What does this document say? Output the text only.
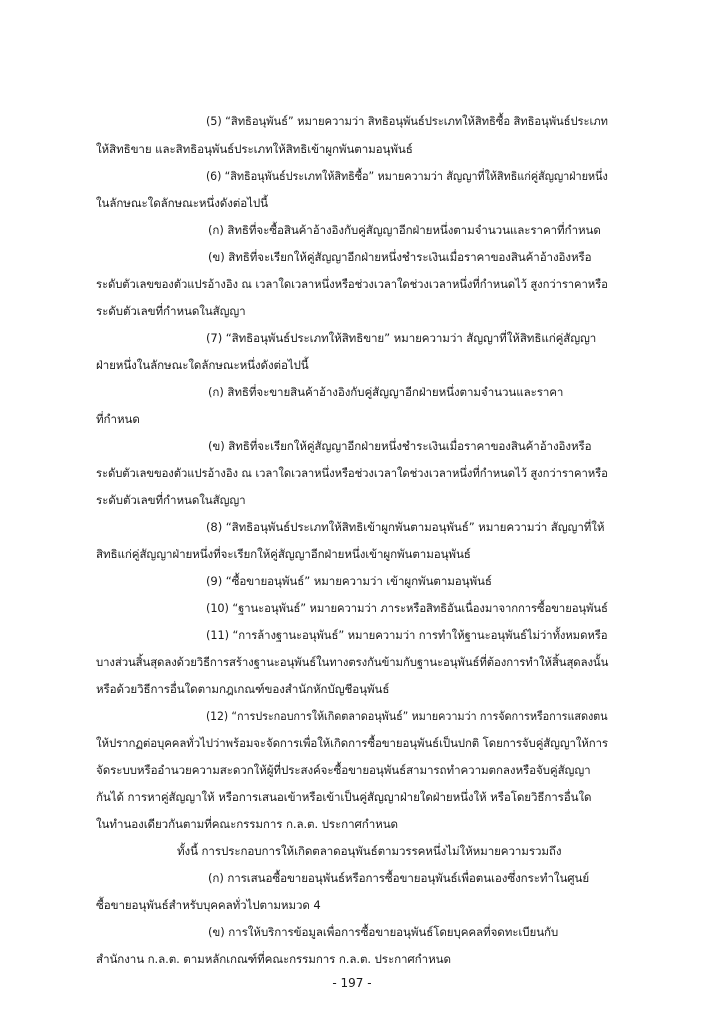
(5) “สิทธิอนุพันธ์” หมายความว่า สิทธิอนุพันธ์ประเภทให้สิทธิซื้อ สิทธิอนุพันธ์ประเภท
ให้สิทธิขาย และสิทธิอนุพันธ์ประเภทให้สิทธิเข้าผูกพันตามอนุพันธ์
(6) “สิทธิอนุพันธ์ประเภทให้สิทธิซื้อ” หมายความว่า สัญญาที่ให้สิทธิแก่คู่สัญญาฝ่ายหนึ่ง
ในลักษณะใดลักษณะหนึ่งดังต่อไปนี้
(ก) สิทธิที่จะซื้อสินค้าอ้างอิงกับคู่สัญญาอีกฝ่ายหนึ่งตามจำนวนและราคาที่กำหนด
(ข) สิทธิที่จะเรียกให้คู่สัญญาอีกฝ่ายหนึ่งชำระเงินเมื่อราคาของสินค้าอ้างอิงหรือ
ระดับตัวเลขของตัวแปรอ้างอิง ณ เวลาใดเวลาหนึ่งหรือช่วงเวลาใดช่วงเวลาหนึ่งที่กำหนดไว้ สูงกว่าราคาหรือ
ระดับตัวเลขที่กำหนดในสัญญา
(7) “สิทธิอนุพันธ์ประเภทให้สิทธิขาย” หมายความว่า สัญญาที่ให้สิทธิแก่คู่สัญญา
ฝ่ายหนึ่งในลักษณะใดลักษณะหนึ่งดังต่อไปนี้
(ก) สิทธิที่จะขายสินค้าอ้างอิงกับคู่สัญญาอีกฝ่ายหนึ่งตามจำนวนและราคา
ที่กำหนด
(ข) สิทธิที่จะเรียกให้คู่สัญญาอีกฝ่ายหนึ่งชำระเงินเมื่อราคาของสินค้าอ้างอิงหรือ
ระดับตัวเลขของตัวแปรอ้างอิง ณ เวลาใดเวลาหนึ่งหรือช่วงเวลาใดช่วงเวลาหนึ่งที่กำหนดไว้ สูงกว่าราคาหรือ
ระดับตัวเลขที่กำหนดในสัญญา
(8) “สิทธิอนุพันธ์ประเภทให้สิทธิเข้าผูกพันตามอนุพันธ์” หมายความว่า สัญญาที่ให้
สิทธิแก่คู่สัญญาฝ่ายหนึ่งที่จะเรียกให้คู่สัญญาอีกฝ่ายหนึ่งเข้าผูกพันตามอนุพันธ์
(9) “ซื้อขายอนุพันธ์” หมายความว่า เข้าผูกพันตามอนุพันธ์
(10) “ฐานะอนุพันธ์” หมายความว่า ภาระหรือสิทธิอันเนื่องมาจากการซื้อขายอนุพันธ์
(11) “การล้างฐานะอนุพันธ์” หมายความว่า การทำให้ฐานะอนุพันธ์ไม่ว่าทั้งหมดหรือ
บางส่วนสิ้นสุดลงด้วยวิธีการสร้างฐานะอนุพันธ์ในทางตรงกันข้ามกับฐานะอนุพันธ์ที่ต้องการทำให้สิ้นสุดลงนั้น
หรือด้วยวิธีการอื่นใดตามกฎเกณฑ์ของสำนักหักบัญชีอนุพันธ์
(12) “การประกอบการให้เกิดตลาดอนุพันธ์” หมายความว่า การจัดการหรือการแสดงตน
ให้ปรากฏต่อบุคคลทั่วไปว่าพร้อมจะจัดการเพื่อให้เกิดการซื้อขายอนุพันธ์เป็นปกติ โดยการจับคู่สัญญาให้การ
จัดระบบหรืออำนวยความสะดวกให้ผู้ที่ประสงค์จะซื้อขายอนุพันธ์สามารถทำความตกลงหรือจับคู่สัญญา
กันได้ การหาคู่สัญญาให้ หรือการเสนอเข้าหรือเข้าเป็นคู่สัญญาฝ่ายใดฝ่ายหนึ่งให้ หรือโดยวิธีการอื่นใด
ในทำนองเดียวกันตามที่คณะกรรมการ ก.ล.ต. ประกาศกำหนด
ทั้งนี้ การประกอบการให้เกิดตลาดอนุพันธ์ตามวรรคหนึ่งไม่ให้หมายความรวมถึง
(ก) การเสนอซื้อขายอนุพันธ์หรือการซื้อขายอนุพันธ์เพื่อตนเองซึ่งกระทำในศูนย์
ซื้อขายอนุพันธ์สำหรับบุคคลทั่วไปตามหมวด 4
(ข) การให้บริการข้อมูลเพื่อการซื้อขายอนุพันธ์โดยบุคคลที่จดทะเบียนกับ
สำนักงาน ก.ล.ต. ตามหลักเกณฑ์ที่คณะกรรมการ ก.ล.ต. ประกาศกำหนด
- 197 -
